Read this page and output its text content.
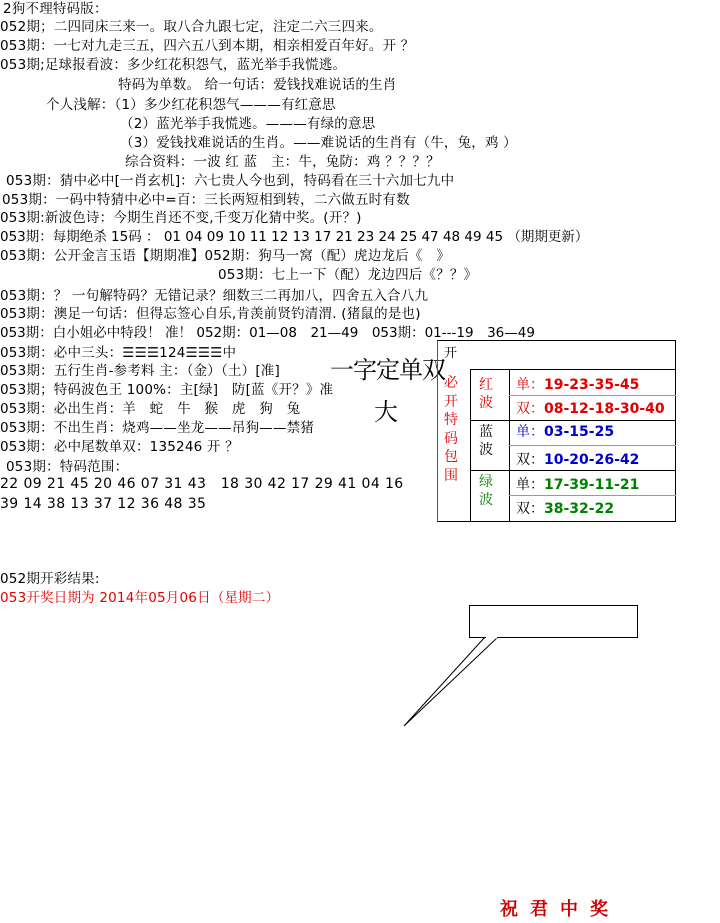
2狗不理特码版：
052期；二四同床三来一。取八合九跟七定，注定二六三四来。
053期：一七对九走三五，四六五八到本期，相亲相爱百年好。开 ？
053期;足球报看波：多少红花积怨气，蓝光举手我慌逃。
特码为单数。 给一句话：爱钱找难说话的生肖
个人浅解：（1）多少红花积怨气———有红意思
（2）蓝光举手我慌逃。———有绿的意思
（3）爱钱找难说话的生肖。——难说话的生肖有（牛，兔，鸡 ）
综合资料：一波 红 蓝　主：牛，兔防：鸡 ？？？？
053期：猜中必中[一肖玄机]：六七贵人今也到，特码看在三十六加七九中
053期：一码中特猜中必中=百：三长两短相到转，二六做五时有数
053期:新波色诗：今期生肖还不变,千变万化猜中奖。(开？)
053期：每期绝杀 15码 ： 01 04 09 10 11 12 13 17 21 23 24 25 47 48 49 45 （期期更新）
053期：公开金言玉语【期期准】052期：狗马一窝（配）虎边龙后《　》
053期：七上一下（配）龙边四后《？？》
053期：？ 一句解特码？无错记录？细数三二再加八，四舍五入合八九
053期：澳足一句话：但得忘签心自乐,肯羡前贤钓清渭. (猪鼠的是也)
053期：白小姐必中特段！ 准！ 052期：01—08　21—49　053期：01---19　36—49
053期：必中三头：☰☰☰124☰☰☰中
053期：五行生肖-参考料 主：（金）（土）[准]
053期；特码波色王 100%：主[绿]　防[蓝《开？》准
053期：必出生肖：羊　蛇　牛　猴　虎　狗　兔
053期：不出生肖：烧鸡——坐龙——吊狗——禁猪
053期：必中尾数单双：135246 开 ？
053期：特码范围：
22 09 21 45 20 46 07 31 43　18 30 42 17 29 41 04 16
39 14 38 13 37 12 36 48 35
一字定单双
大
开
必开特码包围
红波
蓝波
绿波
单：19-23-35-45
双：08-12-18-30-40
单：03-15-25
双：10-20-26-42
单：17-39-11-21
双：38-32-22
052期开彩结果:
053开奖日期为 2014年05月06日（星期二）
祝君中奖
